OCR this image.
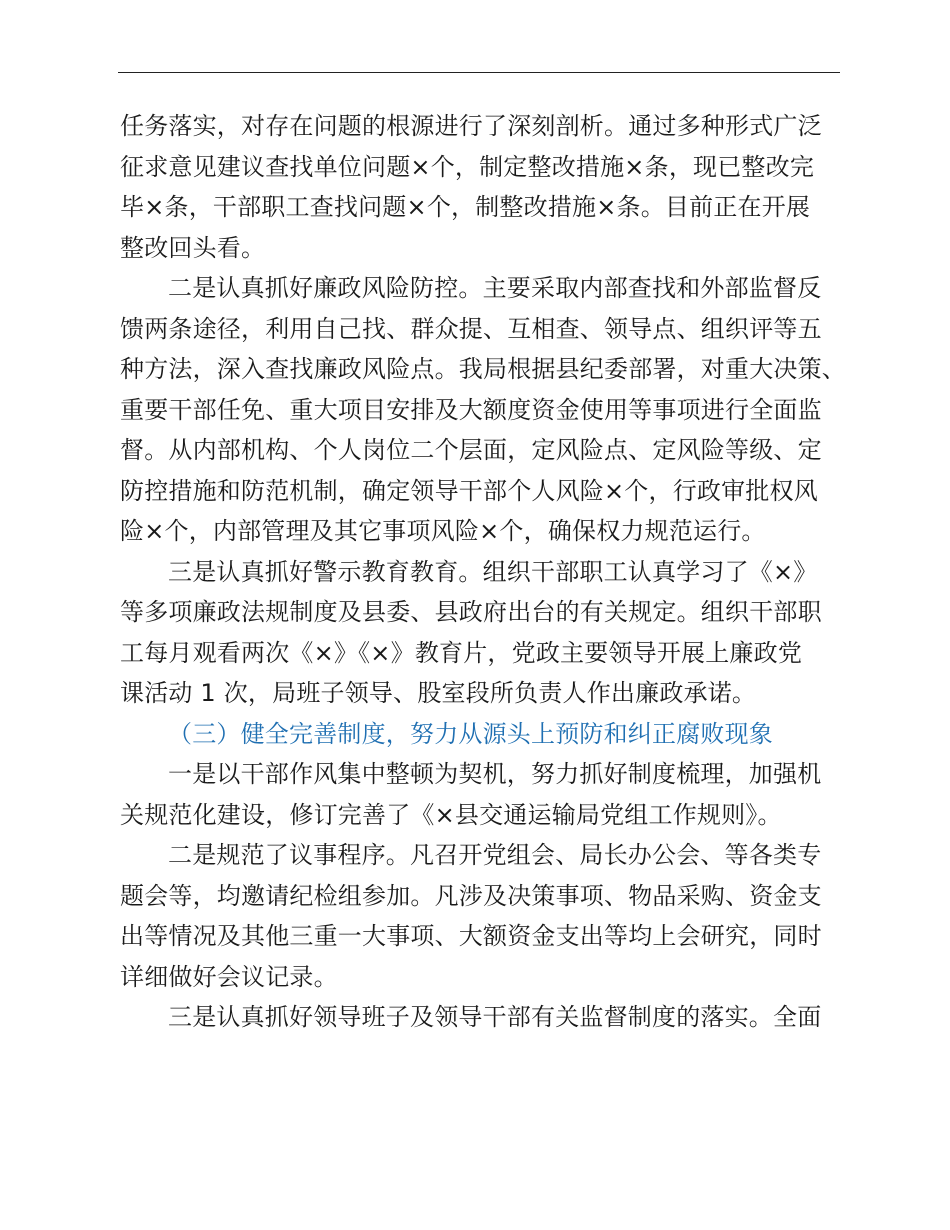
任务落实，对存在问题的根源进行了深刻剖析。通过多种形式广泛
征求意见建议查找单位问题×个，制定整改措施×条，现已整改完
毕×条，干部职工查找问题×个，制整改措施×条。目前正在开展
整改回头看。
二是认真抓好廉政风险防控。主要采取内部查找和外部监督反
馈两条途径，利用自己找、群众提、互相查、领导点、组织评等五
种方法，深入查找廉政风险点。我局根据县纪委部署，对重大决策、
重要干部任免、重大项目安排及大额度资金使用等事项进行全面监
督。从内部机构、个人岗位二个层面，定风险点、定风险等级、定
防控措施和防范机制，确定领导干部个人风险×个，行政审批权风
险×个，内部管理及其它事项风险×个，确保权力规范运行。
三是认真抓好警示教育教育。组织干部职工认真学习了《×》
等多项廉政法规制度及县委、县政府出台的有关规定。组织干部职
工每月观看两次《×》《×》教育片，党政主要领导开展上廉政党
课活动 1 次，局班子领导、股室段所负责人作出廉政承诺。
（三）健全完善制度，努力从源头上预防和纠正腐败现象
一是以干部作风集中整顿为契机，努力抓好制度梳理，加强机
关规范化建设，修订完善了《×县交通运输局党组工作规则》。
二是规范了议事程序。凡召开党组会、局长办公会、等各类专
题会等，均邀请纪检组参加。凡涉及决策事项、物品采购、资金支
出等情况及其他三重一大事项、大额资金支出等均上会研究，同时
详细做好会议记录。
三是认真抓好领导班子及领导干部有关监督制度的落实。全面
